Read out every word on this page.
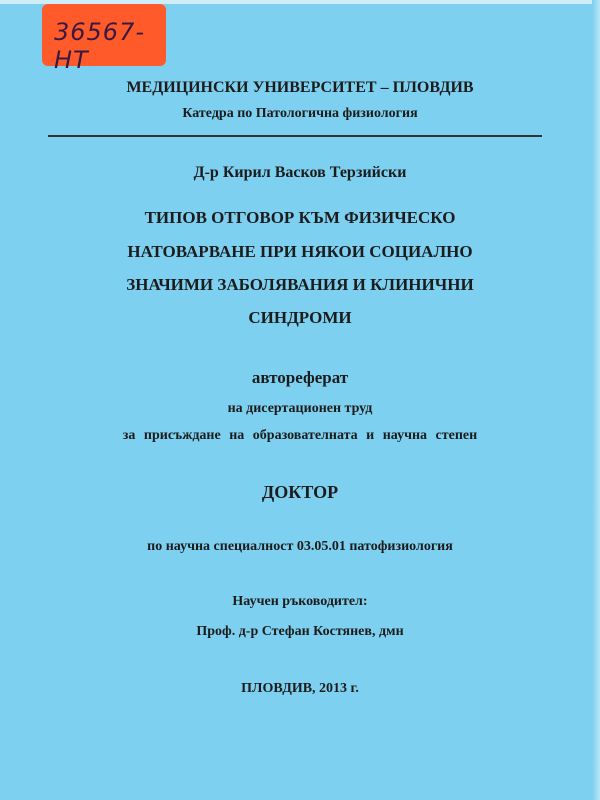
36567-НТ
МЕДИЦИНСКИ УНИВЕРСИТЕТ – ПЛОВДИВ
Катедра по Патологична физиология
Д-р Кирил Васков Терзийски
ТИПОВ ОТГОВОР КЪМ ФИЗИЧЕСКО
НАТОВАРВАНЕ ПРИ НЯКОИ СОЦИАЛНО
ЗНАЧИМИ ЗАБОЛЯВАНИЯ И КЛИНИЧНИ
СИНДРОМИ
автореферат
на дисертационен труд
за присъждане на образователната и научна степен
ДОКТОР
по научна специалност 03.05.01 патофизиология
Научен ръководител:
Проф. д-р Стефан Костянев, дмн
ПЛОВДИВ, 2013 г.
